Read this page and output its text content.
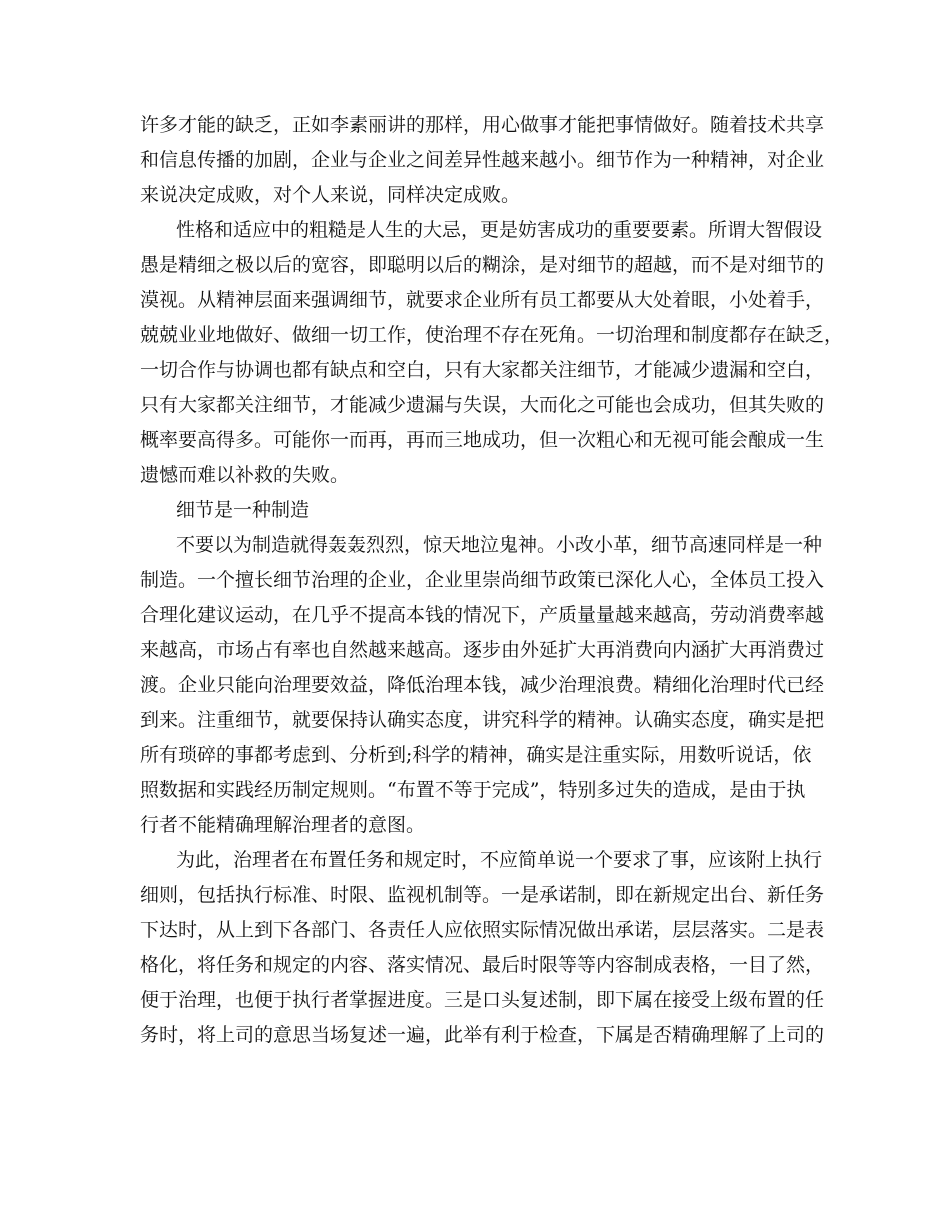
许多才能的缺乏，正如李素丽讲的那样，用心做事才能把事情做好。随着技术共享
和信息传播的加剧，企业与企业之间差异性越来越小。细节作为一种精神，对企业
来说决定成败，对个人来说，同样决定成败。
性格和适应中的粗糙是人生的大忌，更是妨害成功的重要要素。所谓大智假设
愚是精细之极以后的宽容，即聪明以后的糊涂，是对细节的超越，而不是对细节的
漠视。从精神层面来强调细节，就要求企业所有员工都要从大处着眼，小处着手，
兢兢业业地做好、做细一切工作，使治理不存在死角。一切治理和制度都存在缺乏，
一切合作与协调也都有缺点和空白，只有大家都关注细节，才能减少遗漏和空白，
只有大家都关注细节，才能减少遗漏与失误，大而化之可能也会成功，但其失败的
概率要高得多。可能你一而再，再而三地成功，但一次粗心和无视可能会酿成一生
遗憾而难以补救的失败。
细节是一种制造
不要以为制造就得轰轰烈烈，惊天地泣鬼神。小改小革，细节高速同样是一种
制造。一个擅长细节治理的企业，企业里崇尚细节政策已深化人心，全体员工投入
合理化建议运动，在几乎不提高本钱的情况下，产质量量越来越高，劳动消费率越
来越高，市场占有率也自然越来越高。逐步由外延扩大再消费向内涵扩大再消费过
渡。企业只能向治理要效益，降低治理本钱，减少治理浪费。精细化治理时代已经
到来。注重细节，就要保持认确实态度，讲究科学的精神。认确实态度，确实是把
所有琐碎的事都考虑到、分析到;科学的精神，确实是注重实际，用数听说话，依
照数据和实践经历制定规则。“布置不等于完成”，特别多过失的造成，是由于执
行者不能精确理解治理者的意图。
为此，治理者在布置任务和规定时，不应简单说一个要求了事，应该附上执行
细则，包括执行标准、时限、监视机制等。一是承诺制，即在新规定出台、新任务
下达时，从上到下各部门、各责任人应依照实际情况做出承诺，层层落实。二是表
格化，将任务和规定的内容、落实情况、最后时限等等内容制成表格，一目了然，
便于治理，也便于执行者掌握进度。三是口头复述制，即下属在接受上级布置的任
务时，将上司的意思当场复述一遍，此举有利于检查，下属是否精确理解了上司的
